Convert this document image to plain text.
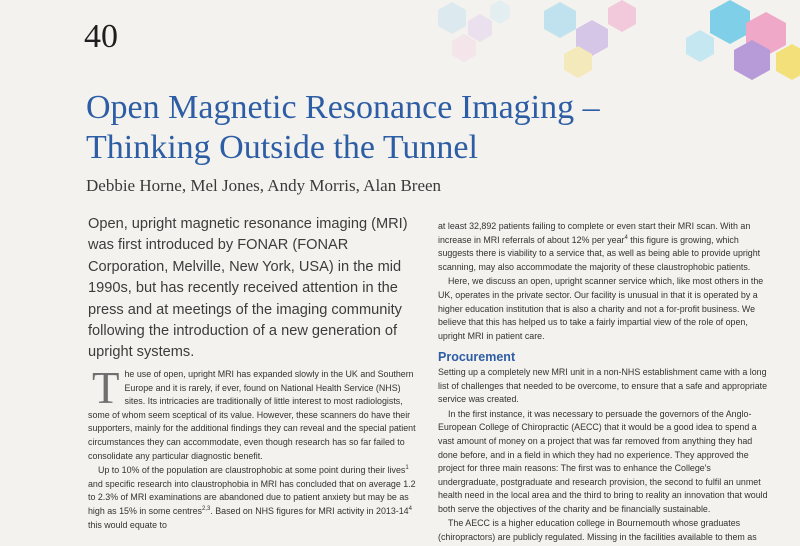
40
Open Magnetic Resonance Imaging –
Thinking Outside the Tunnel
Debbie Horne, Mel Jones, Andy Morris, Alan Breen

Open, upright magnetic resonance imaging (MRI) was first introduced by FONAR (FONAR Corporation, Melville, New York, USA) in the mid 1990s, but has recently received attention in the press and at meetings of the imaging community following the introduction of a new generation of upright systems.

The use of open, upright MRI has expanded slowly in the UK and Southern Europe and it is rarely, if ever, found on National Health Service (NHS) sites. Its intricacies are traditionally of little interest to most radiologists, some of whom seem sceptical of its value. However, these scanners do have their supporters, mainly for the additional findings they can reveal and the special patient circumstances they can accommodate, even though research has so far failed to consolidate any particular diagnostic benefit.

Up to 10% of the population are claustrophobic at some point during their lives$^1$ and specific research into claustrophobia in MRI has concluded that on average 1.2 to 2.3% of MRI examinations are abandoned due to patient anxiety but may be as high as 15% in some centres$^{2,3}$. Based on NHS figures for MRI activity in $2013-14^4$ this would equate to

at least 32,892 patients failing to complete or even start their MRI scan. With an increase in MRI referrals of about 12% per year$^4$ this figure is growing, which suggests there is viability to a service that, as well as being able to provide upright scanning, may also accommodate the majority of these claustrophobic patients.

Here, we discuss an open, upright scanner service which, like most others in the UK, operates in the private sector. Our facility is unusual in that it is operated by a higher education institution that is also a charity and not a for-profit business. We believe that this has helped us to take a fairly impartial view of the role of open, upright MRI in patient care.

Procurement

Setting up a completely new MRI unit in a non-NHS establishment came with a long list of challenges that needed to be overcome, to ensure that a safe and appropriate service was created.

In the first instance, it was necessary to persuade the governors of the Anglo-European College of Chiropractic (AECC) that it would be a good idea to spend a vast amount of money on a project that was far removed from anything they had done before, and in a field in which they had no experience. They approved the project for three main reasons: The first was to enhance the College's undergraduate, postgraduate and research provision, the second to fulfil an unmet health need in the local area and the third to bring to reality an innovation that would both serve the objectives of the charity and be financially sustainable.

The AECC is a higher education college in Bournemouth whose graduates (chiropractors) are publicly regulated. Missing in the facilities available to them as
